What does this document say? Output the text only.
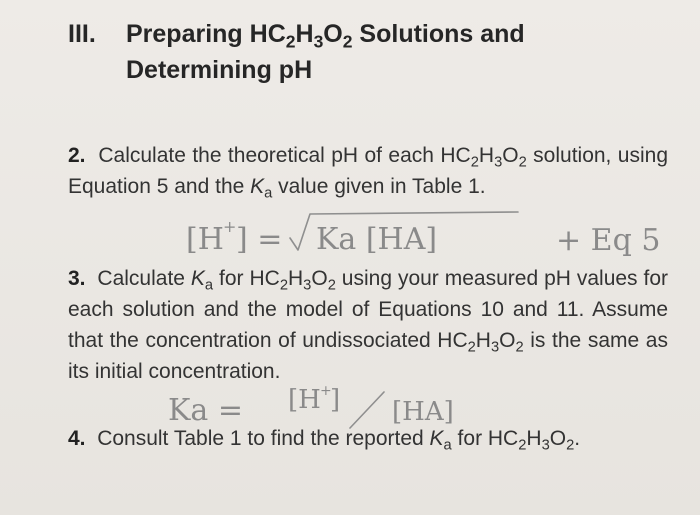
III. Preparing $HC_2H_3O_2$ Solutions and
Determining pH
2. Calculate the theoretical pH of each $HC_2H_3O_2$ solution, using Equation 5 and the $K_a$ value given in Table 1.
3. Calculate $K_a$ for $HC_2H_3O_2$ using your measured pH values for each solution and the model of Equations 10 and 11. Assume that the concentration of undissociated $HC_2H_3O_2$ is the same as its initial concentration.
4. Consult Table 1 to find the reported $K_a$ for $HC_2H_3O_2$.
[H + ] = Ka [HA]	+ Eq 5
Ka = [H +
] [HA]
